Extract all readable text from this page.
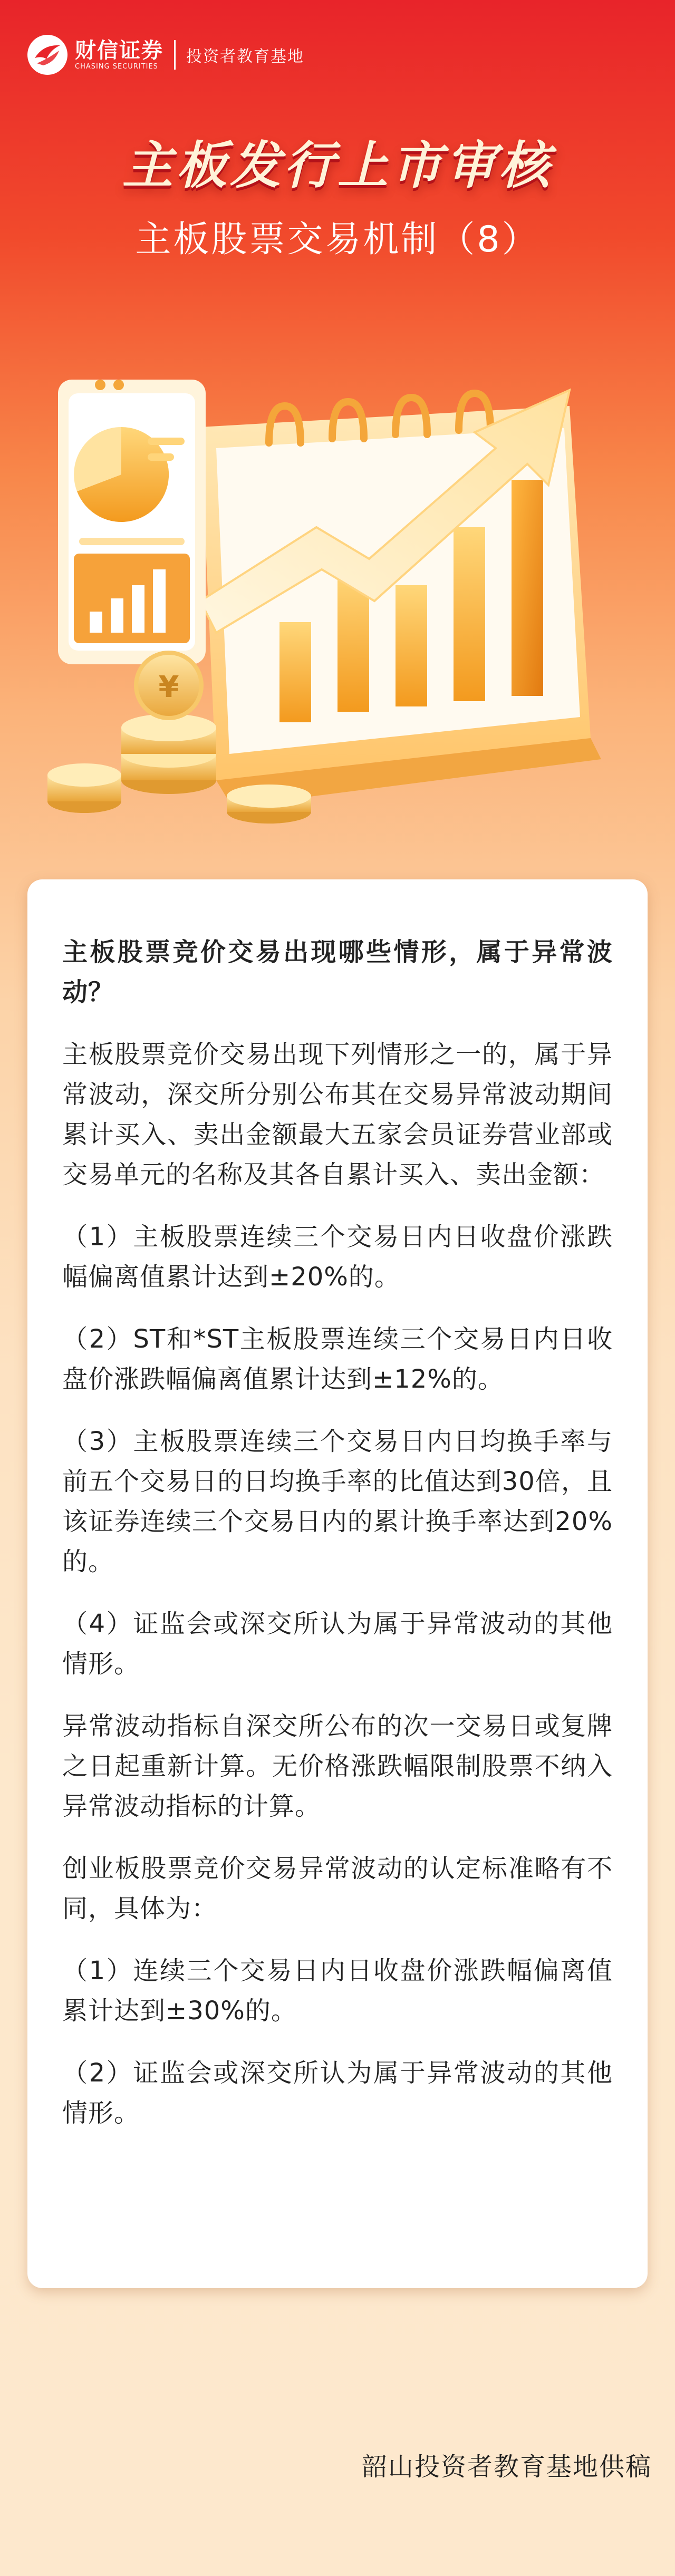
财信证券
CHASING SECURITIES
投资者教育基地
主板发行上市审核
主板股票交易机制（8）
¥

主板股票竞价交易出现哪些情形，属于异常波动？

主板股票竞价交易出现下列情形之一的，属于异常波动，深交所分别公布其在交易异常波动期间累计买入、卖出金额最大五家会员证券营业部或交易单元的名称及其各自累计买入、卖出金额：

（1）主板股票连续三个交易日内日收盘价涨跌幅偏离值累计达到±20%的。

（2）ST和*ST主板股票连续三个交易日内日收盘价涨跌幅偏离值累计达到±12%的。

（3）主板股票连续三个交易日内日均换手率与前五个交易日的日均换手率的比值达到30倍，且该证券连续三个交易日内的累计换手率达到20%的。

（4）证监会或深交所认为属于异常波动的其他情形。

异常波动指标自深交所公布的次一交易日或复牌之日起重新计算。无价格涨跌幅限制股票不纳入异常波动指标的计算。

创业板股票竞价交易异常波动的认定标准略有不同，具体为：

（1）连续三个交易日内日收盘价涨跌幅偏离值累计达到±30%的。

（2）证监会或深交所认为属于异常波动的其他情形。

韶山投资者教育基地供稿
